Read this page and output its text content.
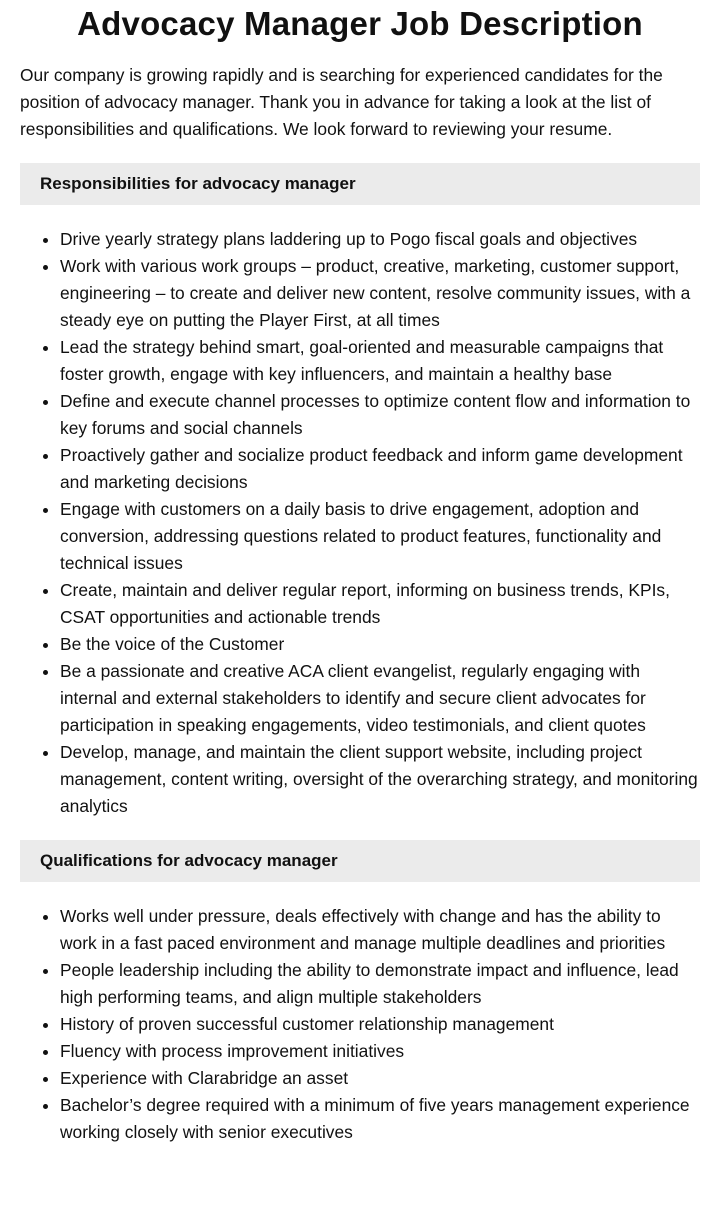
Advocacy Manager Job Description

Our company is growing rapidly and is searching for experienced candidates for the position of advocacy manager. Thank you in advance for taking a look at the list of responsibilities and qualifications. We look forward to reviewing your resume.

Responsibilities for advocacy manager
• Drive yearly strategy plans laddering up to Pogo fiscal goals and objectives
• Work with various work groups – product, creative, marketing, customer support, engineering – to create and deliver new content, resolve community issues, with a steady eye on putting the Player First, at all times
• Lead the strategy behind smart, goal-oriented and measurable campaigns that foster growth, engage with key influencers, and maintain a healthy base
• Define and execute channel processes to optimize content flow and information to key forums and social channels
• Proactively gather and socialize product feedback and inform game development and marketing decisions
• Engage with customers on a daily basis to drive engagement, adoption and conversion, addressing questions related to product features, functionality and technical issues
• Create, maintain and deliver regular report, informing on business trends, KPIs, CSAT opportunities and actionable trends
• Be the voice of the Customer
• Be a passionate and creative ACA client evangelist, regularly engaging with internal and external stakeholders to identify and secure client advocates for participation in speaking engagements, video testimonials, and client quotes
• Develop, manage, and maintain the client support website, including project management, content writing, oversight of the overarching strategy, and monitoring analytics
Qualifications for advocacy manager
• Works well under pressure, deals effectively with change and has the ability to work in a fast paced environment and manage multiple deadlines and priorities
• People leadership including the ability to demonstrate impact and influence, lead high performing teams, and align multiple stakeholders
• History of proven successful customer relationship management
• Fluency with process improvement initiatives
• Experience with Clarabridge an asset
• Bachelor’s degree required with a minimum of five years management experience working closely with senior executives
